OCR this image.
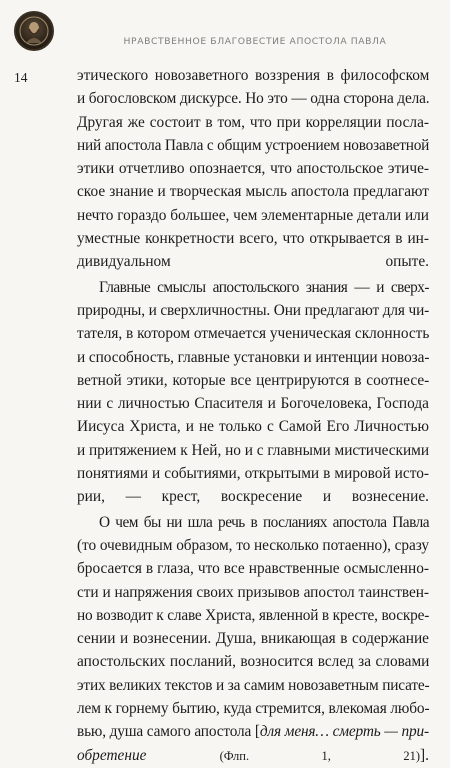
НРАВСТВЕННОЕ БЛАГОВЕСТИЕ АПОСТОЛА ПАВЛА
14	этического новозаветного воззрения в философском
и богословском дискурсе. Но это — одна сторона дела.
Другая же состоит в том, что при корреляции посла-
ний апостола Павла с общим устроением новозаветной
этики отчетливо опознается, что апостольское этиче-
ское знание и творческая мысль апостола предлагают
нечто гораздо большее, чем элементарные детали или
уместные конкретности всего, что открывается в ин-
дивидуальном опыте.
Главные смыслы апостольского знания — и сверх-
природны, и сверхличностны. Они предлагают для чи-
тателя, в котором отмечается ученическая склонность
и способность, главные установки и интенции новоза-
ветной этики, которые все центрируются в соотнесе-
нии с личностью Спасителя и Богочеловека, Господа
Иисуса Христа, и не только с Самой Его Личностью
и притяжением к Ней, но и с главными мистическими
понятиями и событиями, открытыми в мировой исто-
рии, — крест, воскресение и вознесение.
О чем бы ни шла речь в посланиях апостола Павла
(то очевидным образом, то несколько потаенно), сразу
бросается в глаза, что все нравственные осмысленно-
сти и напряжения своих призывов апостол таинствен-
но возводит к славе Христа, явленной в кресте, воскре-
сении и вознесении. Душа, вникающая в содержание
апостольских посланий, возносится вслед за словами
этих великих текстов и за самим новозаветным писате-
лем к горнему бытию, куда стремится, влекомая любо-
вью, душа самого апостола [для меня… смерть — при-
обретение	(Флп. 1, 21)].
